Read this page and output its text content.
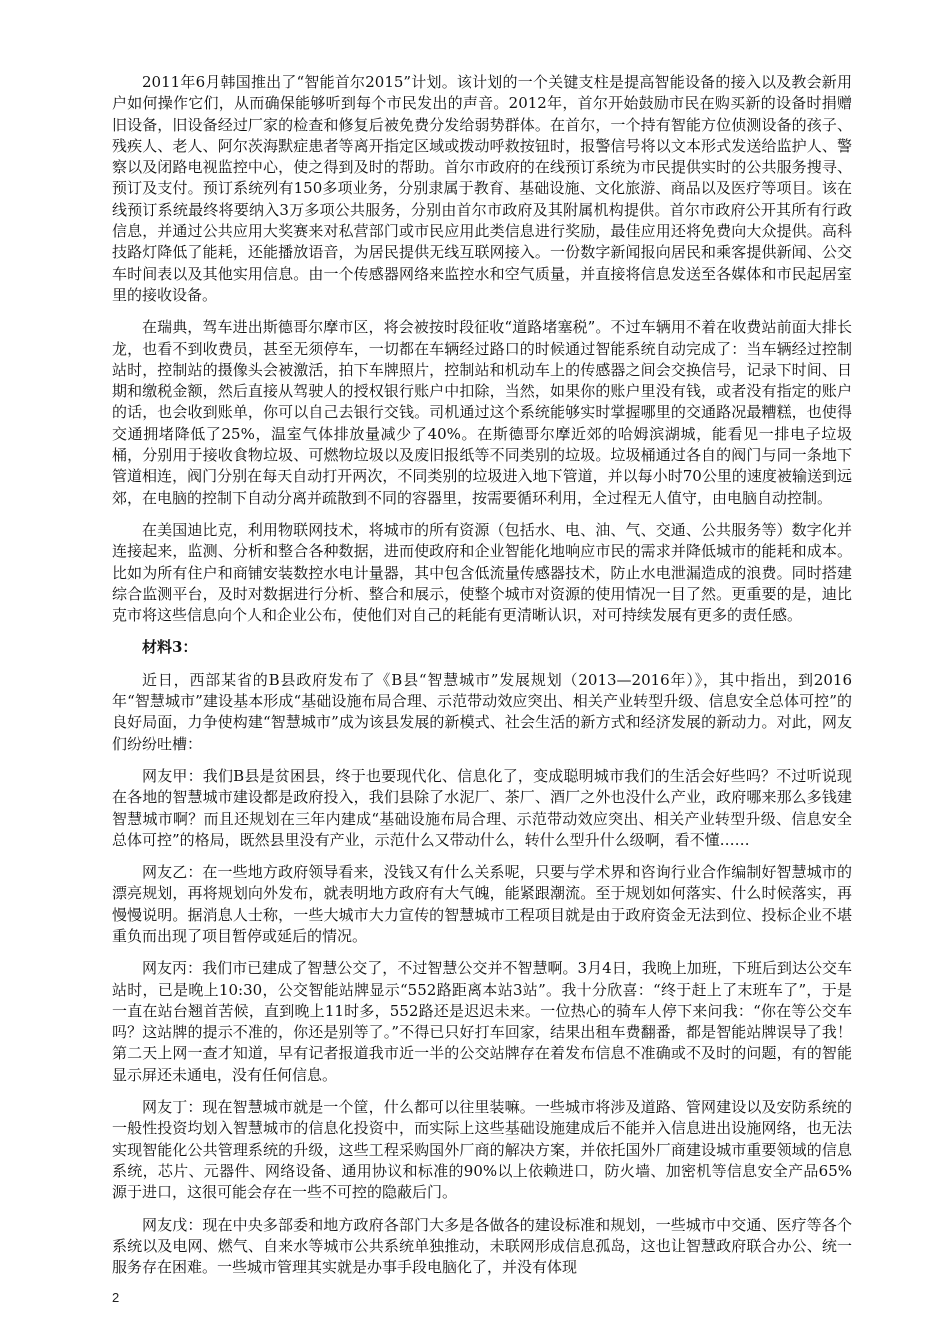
2011年6月韩国推出了“智能首尔2015”计划。该计划的一个关键支柱是提高智能设备的接入以及教会新用户如何操作它们，从而确保能够听到每个市民发出的声音。2012年，首尔开始鼓励市民在购买新的设备时捐赠旧设备，旧设备经过厂家的检查和修复后被免费分发给弱势群体。在首尔，一个持有智能方位侦测设备的孩子、残疾人、老人、阿尔茨海默症患者等离开指定区域或拨动呼救按钮时，报警信号将以文本形式发送给监护人、警察以及闭路电视监控中心，使之得到及时的帮助。首尔市政府的在线预订系统为市民提供实时的公共服务搜寻、预订及支付。预订系统列有150多项业务，分别隶属于教育、基础设施、文化旅游、商品以及医疗等项目。该在线预订系统最终将要纳入3万多项公共服务，分别由首尔市政府及其附属机构提供。首尔市政府公开其所有行政信息，并通过公共应用大奖赛来对私营部门或市民应用此类信息进行奖励，最佳应用还将免费向大众提供。高科技路灯降低了能耗，还能播放语音，为居民提供无线互联网接入。一份数字新闻报向居民和乘客提供新闻、公交车时间表以及其他实用信息。由一个传感器网络来监控水和空气质量，并直接将信息发送至各媒体和市民起居室里的接收设备。

在瑞典，驾车进出斯德哥尔摩市区，将会被按时段征收“道路堵塞税”。不过车辆用不着在收费站前面大排长龙，也看不到收费员，甚至无须停车，一切都在车辆经过路口的时候通过智能系统自动完成了：当车辆经过控制站时，控制站的摄像头会被激活，拍下车牌照片，控制站和机动车上的传感器之间会交换信号，记录下时间、日期和缴税金额，然后直接从驾驶人的授权银行账户中扣除，当然，如果你的账户里没有钱，或者没有指定的账户的话，也会收到账单，你可以自己去银行交钱。司机通过这个系统能够实时掌握哪里的交通路况最糟糕，也使得交通拥堵降低了25%，温室气体排放量减少了40%。在斯德哥尔摩近郊的哈姆滨湖城，能看见一排电子垃圾桶，分别用于接收食物垃圾、可燃物垃圾以及废旧报纸等不同类别的垃圾。垃圾桶通过各自的阀门与同一条地下管道相连，阀门分别在每天自动打开两次，不同类别的垃圾进入地下管道，并以每小时70公里的速度被输送到远郊，在电脑的控制下自动分离并疏散到不同的容器里，按需要循环利用，全过程无人值守，由电脑自动控制。

在美国迪比克，利用物联网技术，将城市的所有资源（包括水、电、油、气、交通、公共服务等）数字化并连接起来，监测、分析和整合各种数据，进而使政府和企业智能化地响应市民的需求并降低城市的能耗和成本。比如为所有住户和商铺安装数控水电计量器，其中包含低流量传感器技术，防止水电泄漏造成的浪费。同时搭建综合监测平台，及时对数据进行分析、整合和展示，使整个城市对资源的使用情况一目了然。更重要的是，迪比克市将这些信息向个人和企业公布，使他们对自己的耗能有更清晰认识，对可持续发展有更多的责任感。

材料3：

近日，西部某省的B县政府发布了《B县“智慧城市”发展规划（2013—2016年）》，其中指出，到2016年“智慧城市”建设基本形成“基础设施布局合理、示范带动效应突出、相关产业转型升级、信息安全总体可控”的良好局面，力争使构建“智慧城市”成为该县发展的新模式、社会生活的新方式和经济发展的新动力。对此，网友们纷纷吐槽：

网友甲：我们B县是贫困县，终于也要现代化、信息化了，变成聪明城市我们的生活会好些吗？不过听说现在各地的智慧城市建设都是政府投入，我们县除了水泥厂、茶厂、酒厂之外也没什么产业，政府哪来那么多钱建智慧城市啊？而且还规划在三年内建成“基础设施布局合理、示范带动效应突出、相关产业转型升级、信息安全总体可控”的格局，既然县里没有产业，示范什么又带动什么，转什么型升什么级啊，看不懂……

网友乙：在一些地方政府领导看来，没钱又有什么关系呢，只要与学术界和咨询行业合作编制好智慧城市的漂亮规划，再将规划向外发布，就表明地方政府有大气魄，能紧跟潮流。至于规划如何落实、什么时候落实，再慢慢说明。据消息人士称，一些大城市大力宣传的智慧城市工程项目就是由于政府资金无法到位、投标企业不堪重负而出现了项目暂停或延后的情况。

网友丙：我们市已建成了智慧公交了，不过智慧公交并不智慧啊。3月4日，我晚上加班，下班后到达公交车站时，已是晚上10:30，公交智能站牌显示“552路距离本站3站”。我十分欣喜：“终于赶上了末班车了”，于是一直在站台翘首苦候，直到晚上11时多，552路还是迟迟未来。一位热心的骑车人停下来问我：“你在等公交车吗？这站牌的提示不准的，你还是别等了。”不得已只好打车回家，结果出租车费翻番，都是智能站牌误导了我！第二天上网一查才知道，早有记者报道我市近一半的公交站牌存在着发布信息不准确或不及时的问题，有的智能显示屏还未通电，没有任何信息。

网友丁：现在智慧城市就是一个筐，什么都可以往里装嘛。一些城市将涉及道路、管网建设以及安防系统的一般性投资均划入智慧城市的信息化投资中，而实际上这些基础设施建成后不能并入信息进出设施网络，也无法实现智能化公共管理系统的升级，这些工程采购国外厂商的解决方案，并依托国外厂商建设城市重要领域的信息系统，芯片、元器件、网络设备、通用协议和标准的90%以上依赖进口，防火墙、加密机等信息安全产品65%源于进口，这很可能会存在一些不可控的隐蔽后门。

网友戊：现在中央多部委和地方政府各部门大多是各做各的建设标准和规划，一些城市中交通、医疗等各个系统以及电网、燃气、自来水等城市公共系统单独推动，未联网形成信息孤岛，这也让智慧政府联合办公、统一服务存在困难。一些城市管理其实就是办事手段电脑化了，并没有体现

2
